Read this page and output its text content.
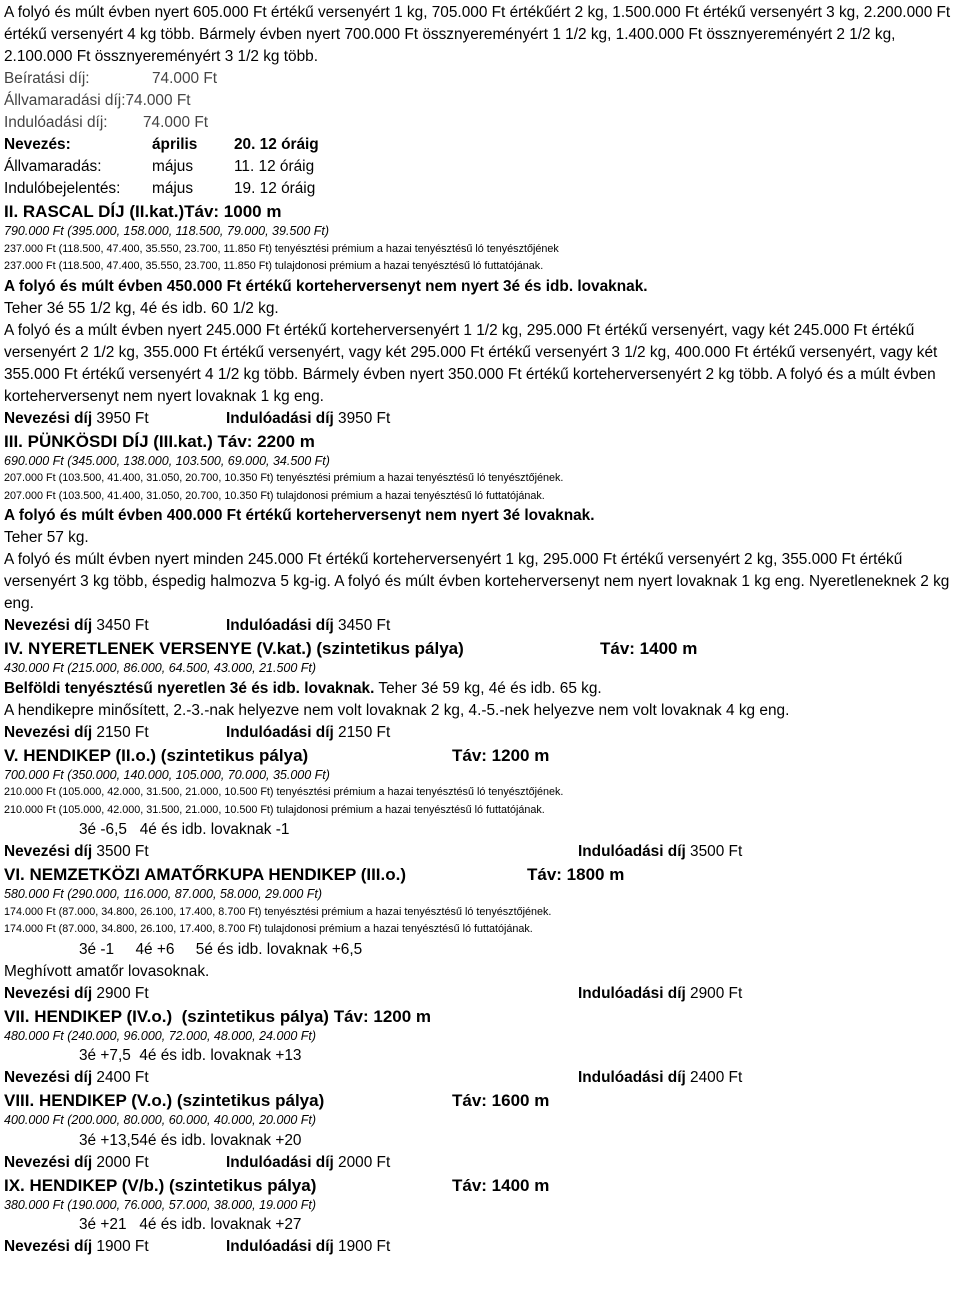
A folyó és múlt évben nyert 605.000 Ft értékű versenyért 1 kg, 705.000 Ft értékűért 2 kg, 1.500.000 Ft értékű versenyért 3 kg, 2.200.000 Ft értékű versenyért 4 kg több. Bármely évben nyert 700.000 Ft össznyereményért 1 1/2 kg, 1.400.000 Ft össznyereményért 2 1/2 kg, 2.100.000 Ft össznyereményért 3 1/2 kg több.

Beíratási díj:	74.000 Ft
Állvamaradási díj: 74.000 Ft
Indulóadási díj:	74.000 Ft
Nevezés:	április	20. 12 óráig
Állvamaradás:	május	11. 12 óráig
Indulóbejelentés:	május	19. 12 óráig

II. RASCAL DÍJ (II.kat.)Táv: 1000 m

790.000 Ft (395.000, 158.000, 118.500, 79.000, 39.500 Ft)

237.000 Ft (118.500, 47.400, 35.550, 23.700, 11.850 Ft) tenyésztési prémium a hazai tenyésztésű ló tenyésztőjének

237.000 Ft (118.500, 47.400, 35.550, 23.700, 11.850 Ft) tulajdonosi prémium a hazai tenyésztésű ló futtatójának.

A folyó és múlt évben 450.000 Ft értékű korteherversenyt nem nyert 3é és idb. lovaknak.

Teher 3é 55 1/2 kg, 4é és idb. 60 1/2 kg.

A folyó és a múlt évben nyert 245.000 Ft értékű korteherversenyért 1 1/2 kg, 295.000 Ft értékű versenyért, vagy két 245.000 Ft értékű versenyért 2 1/2 kg, 355.000 Ft értékű versenyért, vagy két 295.000 Ft értékű versenyért 3 1/2 kg, 400.000 Ft értékű versenyért, vagy két 355.000 Ft értékű versenyért 4 1/2 kg több. Bármely évben nyert 350.000 Ft értékű korteherversenyért 2 kg több. A folyó és a múlt évben korteherversenyt nem nyert lovaknak 1 kg eng.

Nevezési díj 3950 Ft	Indulóadási díj 3950 Ft

III. PÜNKÖSDI DÍJ (III.kat.) Táv: 2200 m

690.000 Ft (345.000, 138.000, 103.500, 69.000, 34.500 Ft)

207.000 Ft (103.500, 41.400, 31.050, 20.700, 10.350 Ft) tenyésztési prémium a hazai tenyésztésű ló tenyésztőjének.

207.000 Ft (103.500, 41.400, 31.050, 20.700, 10.350 Ft) tulajdonosi prémium a hazai tenyésztésű ló futtatójának.

A folyó és múlt évben 400.000 Ft értékű korteherversenyt nem nyert 3é lovaknak.

Teher 57 kg.

A folyó és múlt évben nyert minden 245.000 Ft értékű korteherversenyért 1 kg, 295.000 Ft értékű versenyért 2 kg, 355.000 Ft értékű versenyért 3 kg több, éspedig halmozva 5 kg-ig. A folyó és múlt évben korteherversenyt nem nyert lovaknak 1 kg eng. Nyeretleneknek 2 kg eng.

Nevezési díj 3450 Ft	Indulóadási díj 3450 Ft
IV. NYERETLENEK VERSENYE (V.kat.) (szintetikus pálya)	Táv: 1400 m

430.000 Ft (215.000, 86.000, 64.500, 43.000, 21.500 Ft)

Belföldi tenyésztésű nyeretlen 3é és idb. lovaknak. Teher 3é 59 kg, 4é és idb. 65 kg.

A hendikepre minősített, 2.-3.-nak helyezve nem volt lovaknak 2 kg, 4.-5.-nek helyezve nem volt lovaknak 4 kg eng.

Nevezési díj 2150 Ft	Indulóadási díj 2150 Ft
V. HENDIKEP (II.o.) (szintetikus pálya)	Táv: 1200 m

700.000 Ft (350.000, 140.000, 105.000, 70.000, 35.000 Ft)

210.000 Ft (105.000, 42.000, 31.500, 21.000, 10.500 Ft) tenyésztési prémium a hazai tenyésztésű ló tenyésztőjének.

210.000 Ft (105.000, 42.000, 31.500, 21.000, 10.500 Ft) tulajdonosi prémium a hazai tenyésztésű ló futtatójának.

3é -6,5   4é és idb. lovaknak -1

Nevezési díj 3500 Ft	Indulóadási díj 3500 Ft
VI. NEMZETKÖZI AMATŐRKUPA HENDIKEP (III.o.)	Táv: 1800 m

580.000 Ft (290.000, 116.000, 87.000, 58.000, 29.000 Ft)

174.000 Ft (87.000, 34.800, 26.100, 17.400, 8.700 Ft) tenyésztési prémium a hazai tenyésztésű ló tenyésztőjének.

174.000 Ft (87.000, 34.800, 26.100, 17.400, 8.700 Ft) tulajdonosi prémium a hazai tenyésztésű ló futtatójának.

3é -1     4é +6     5é és idb. lovaknak +6,5

Meghívott amatőr lovasoknak.

Nevezési díj 2900 Ft	Indulóadási díj 2900 Ft

VII. HENDIKEP (IV.o.)  (szintetikus pálya) Táv: 1200 m

480.000 Ft (240.000, 96.000, 72.000, 48.000, 24.000 Ft)

3é +7,5  4é és idb. lovaknak +13

Nevezési díj 2400 Ft	Indulóadási díj 2400 Ft
VIII. HENDIKEP (V.o.) (szintetikus pálya)	Táv: 1600 m

400.000 Ft (200.000, 80.000, 60.000, 40.000, 20.000 Ft)

3é +13,54é és idb. lovaknak +20

Nevezési díj 2000 Ft	Indulóadási díj 2000 Ft
IX. HENDIKEP (V/b.) (szintetikus pálya)	Táv: 1400 m

380.000 Ft (190.000, 76.000, 57.000, 38.000, 19.000 Ft)

3é +21   4é és idb. lovaknak +27

Nevezési díj 1900 Ft	Indulóadási díj 1900 Ft
